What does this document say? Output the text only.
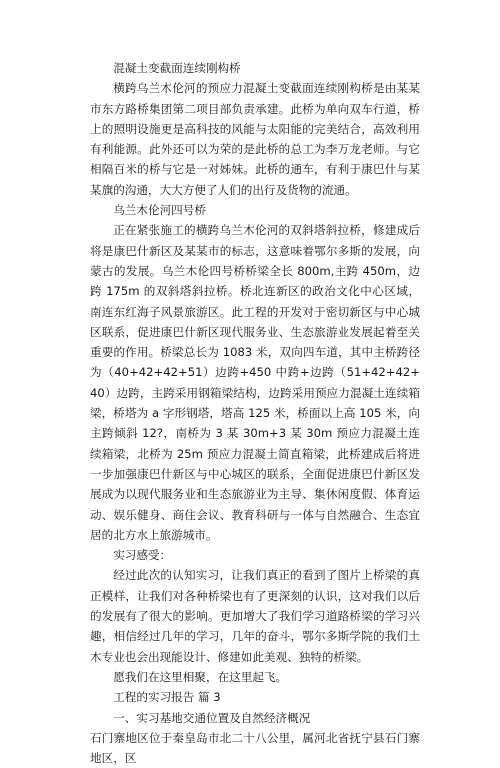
混凝土变截面连续刚构桥

横跨乌兰木伦河的预应力混凝土变截面连续刚构桥是由某某市东方路桥集团第二项目部负责承建。此桥为单向双车行道，桥上的照明设施更是高科技的风能与太阳能的完美结合，高效利用有利能源。此外还可以为荣的是此桥的总工为李万龙老师。与它相隔百米的桥与它是一对姊妹。此桥的通车，有利于康巴什与某某旗的沟通，大大方便了人们的出行及货物的流通。

乌兰木伦河四号桥

正在紧张施工的横跨乌兰木伦河的双斜塔斜拉桥，修建成后将是康巴什新区及某某市的标志，这意味着鄂尔多斯的发展，向蒙古的发展。乌兰木伦四号桥桥梁全长 800m,主跨 450m，边跨 175m 的双斜塔斜拉桥。桥北连新区的政治文化中心区域，南连东红海子风景旅游区。此工程的开发对于密切新区与中心城区联系，促进康巴什新区现代服务业、生态旅游业发展起着至关重要的作用。桥梁总长为 1083 米，双向四车道，其中主桥跨径为（40+42+42+51）边跨+450 中跨+边跨（51+42+42+40）边跨，主跨采用钢箱梁结构，边跨采用预应力混凝土连续箱梁，桥塔为 a 字形钢塔，塔高 125 米，桥面以上高 105 米，向主跨倾斜 12?，南桥为 3 某 30m+3 某 30m 预应力混凝土连续箱梁，北桥为 25m 预应力混凝土简直箱梁，此桥建成后将进一步加强康巴什新区与中心城区的联系，全面促进康巴什新区发展成为以现代服务业和生态旅游业为主导、集休闲度假、体育运动、娱乐健身、商住会议、教育科研与一体与自然融合、生态宜居的北方水上旅游城市。

实习感受：

经过此次的认知实习，让我们真正的看到了图片上桥梁的真正模样，让我们对各种桥梁也有了更深刻的认识，这对我们以后的发展有了很大的影响。更加增大了我们学习道路桥梁的学习兴趣，相信经过几年的学习，几年的奋斗，鄂尔多斯学院的我们土木专业也会出现能设计、修建如此美观、独特的桥梁。

愿我们在这里相聚，在这里起飞。

工程的实习报告 篇 3

一、实习基地交通位置及自然经济概况

石门寨地区位于秦皇岛市北二十八公里，属河北省抚宁县石门寨地区，区
